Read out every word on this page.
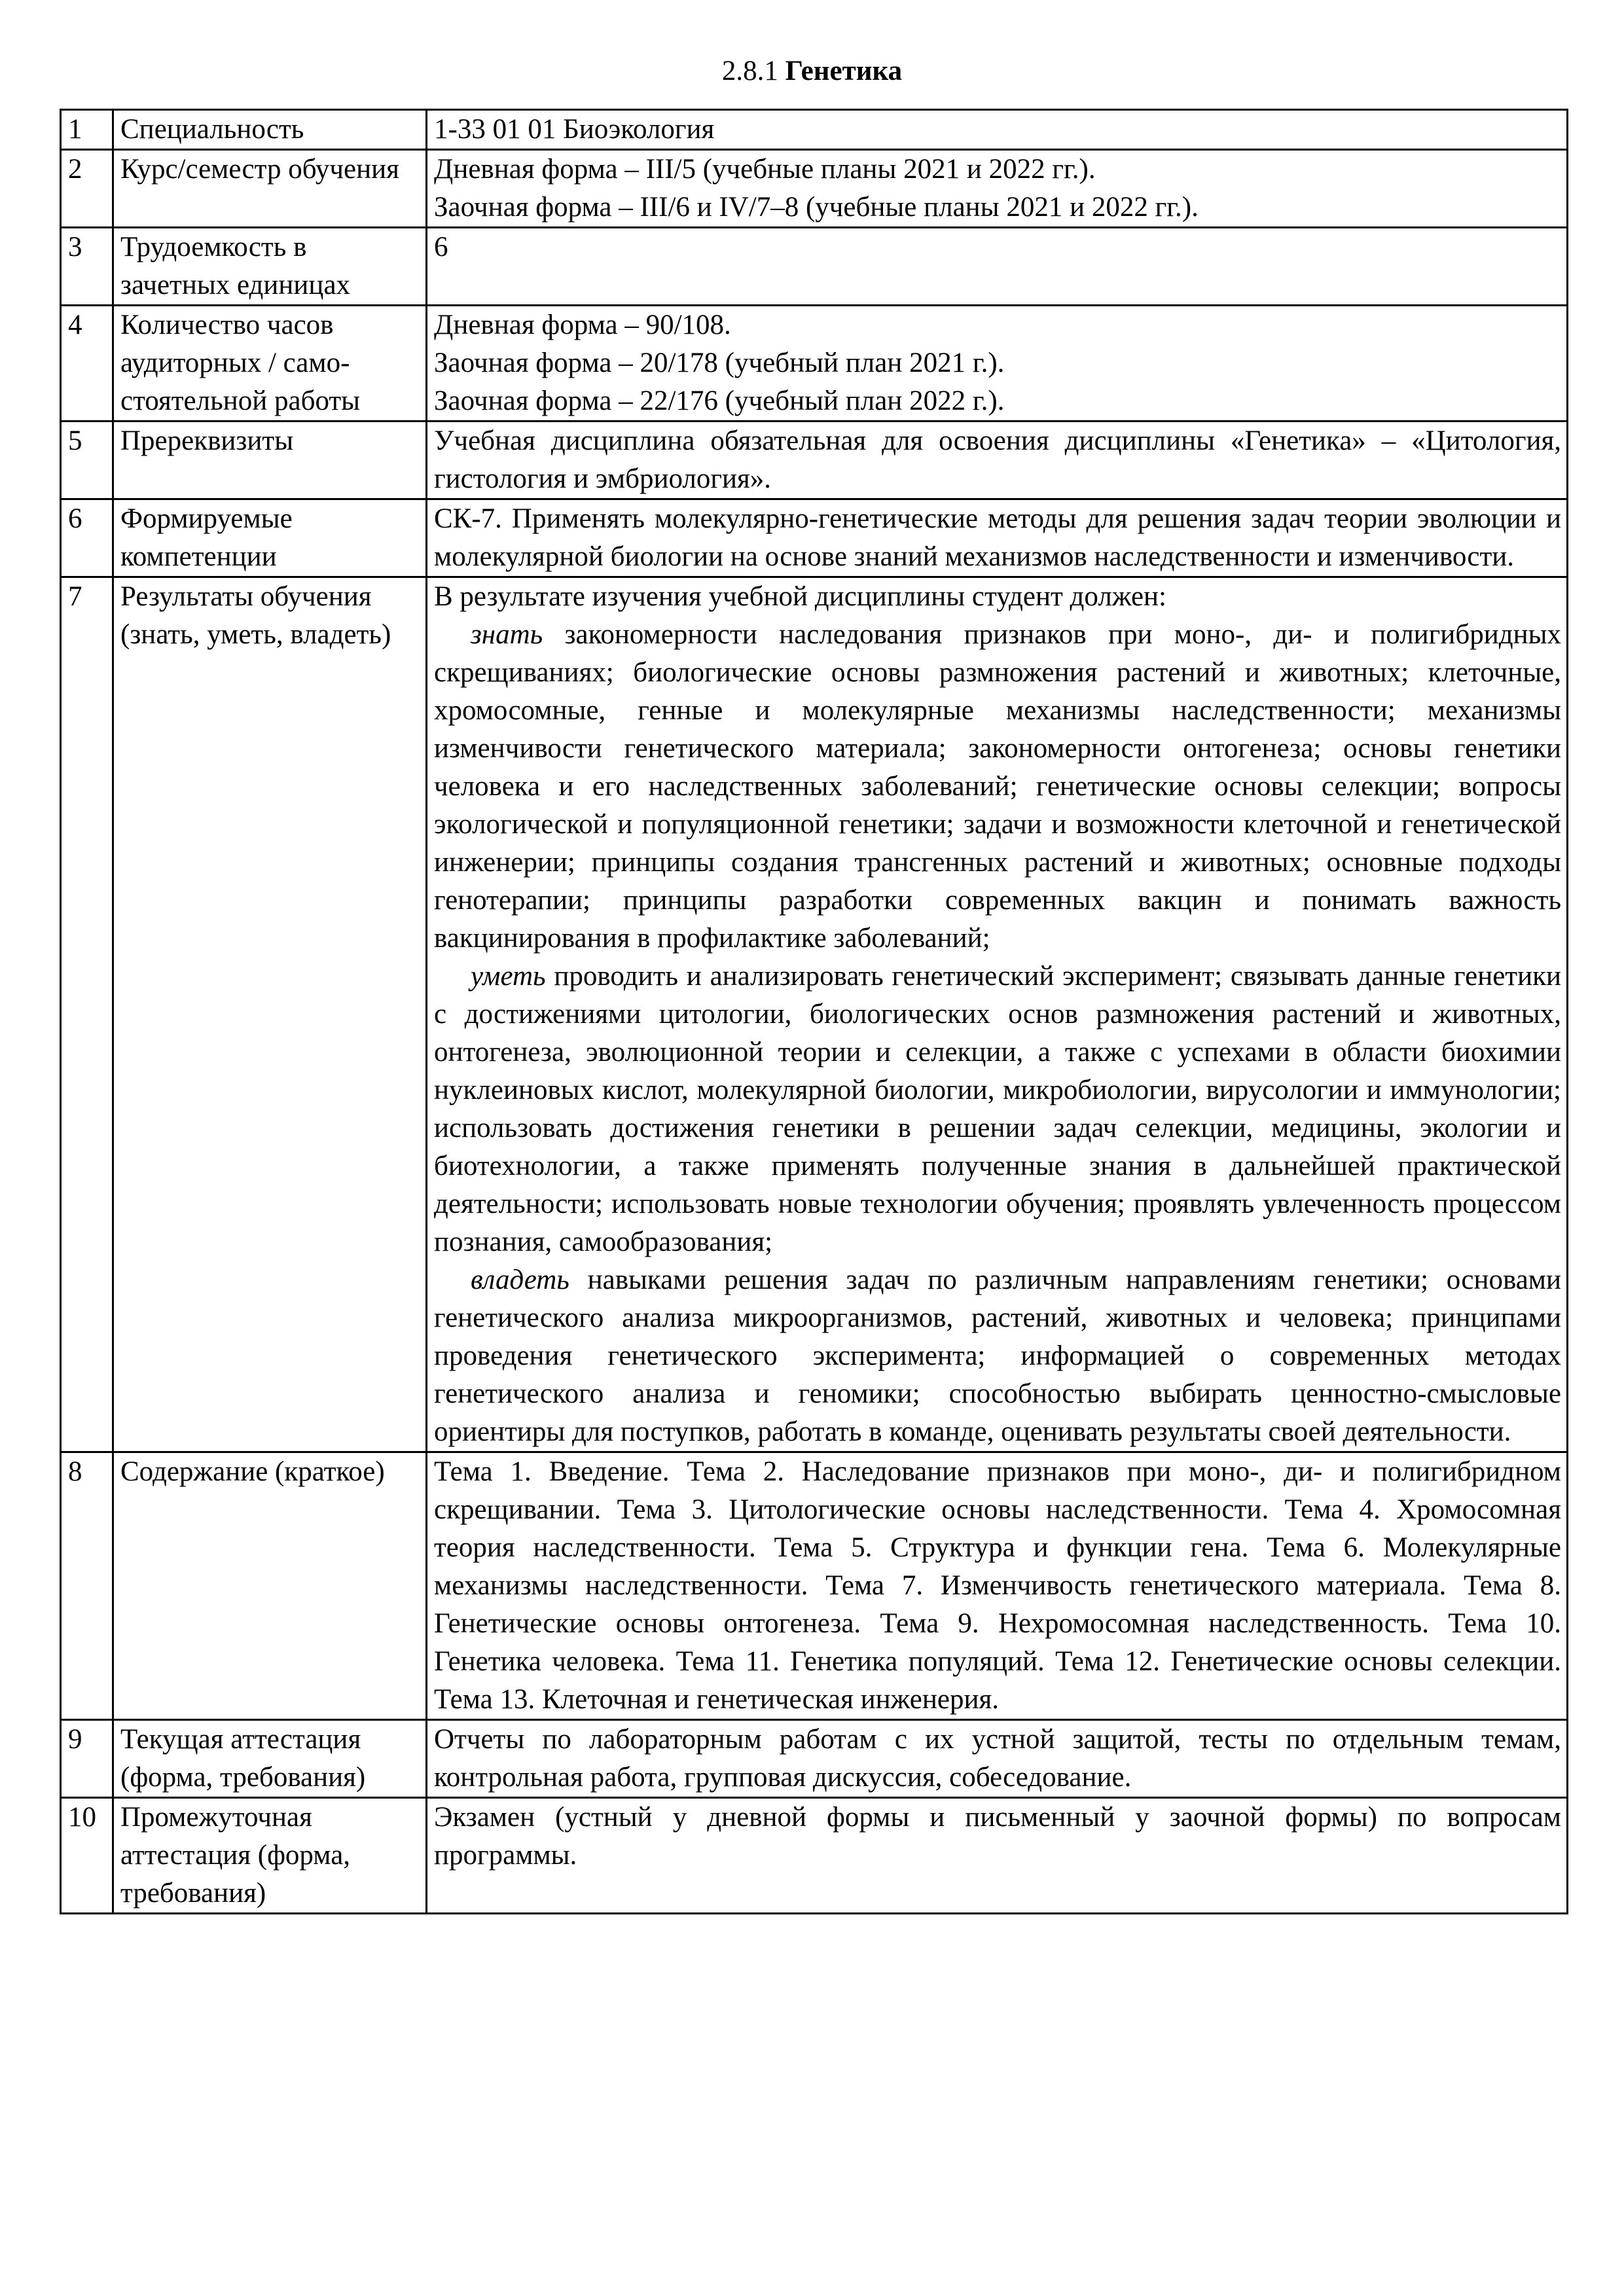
2.8.1 Генетика
1	Специальность	1-33 01 01 Биоэкология

2	Курс/семестр обучения	Дневная форма – III/5 (учебные планы 2021 и 2022 гг.).
Заочная форма – III/6 и IV/7–8 (учебные планы 2021 и 2022 гг.).

3	Трудоемкость в зачетных единицах	6

4	Количество часов аудиторных / само-стоятельной работы	Дневная форма – 90/108.
Заочная форма – 20/178 (учебный план 2021 г.).
Заочная форма – 22/176 (учебный план 2022 г.).

5	Пререквизиты	Учебная дисциплина обязательная для освоения дисциплины «Генетика» – «Цитология, гистология и эмбриология».
6	Формируемые компетенции	СК-7. Применять молекулярно-генетические методы для решения задач теории эволюции и молекулярной биологии на основе знаний механизмов наследственности и изменчивости.
7	Результаты обучения (знать, уметь, владеть)	В результате изучения учебной дисциплины студент должен:
знать закономерности наследования признаков при моно-, ди- и полигибридных скрещиваниях; биологические основы размножения растений и животных; клеточные, хромосомные, генные и молекулярные механизмы наследственности; механизмы изменчивости генетического материала; закономерности онтогенеза; основы генетики человека и его наследственных заболеваний; генетические основы селекции; вопросы экологической и популяционной генетики; задачи и возможности клеточной и генетической инженерии; принципы создания трансгенных растений и животных; основные подходы генотерапии; принципы разработки современных вакцин и понимать важность вакцинирования в профилактике заболеваний;
уметь проводить и анализировать генетический эксперимент; связывать данные генетики с достижениями цитологии, биологических основ размножения растений и животных, онтогенеза, эволюционной теории и селекции, а также с успехами в области биохимии нуклеиновых кислот, молекулярной биологии, микробиологии, вирусологии и иммунологии; использовать достижения генетики в решении задач селекции, медицины, экологии и биотехнологии, а также применять полученные знания в дальнейшей практической деятельности; использовать новые технологии обучения; проявлять увлеченность процессом познания, самообразования;
владеть навыками решения задач по различным направлениям генетики; основами генетического анализа микроорганизмов, растений, животных и человека; принципами проведения генетического эксперимента; информацией о современных методах генетического анализа и геномики; способностью выбирать ценностно-смысловые ориентиры для поступков, работать в команде, оценивать результаты своей деятельности.

8	Содержание (краткое)	Тема 1. Введение. Тема 2. Наследование признаков при моно-, ди- и полигибридном скрещивании. Тема 3. Цитологические основы наследственности. Тема 4. Хромосомная теория наследственности. Тема 5. Структура и функции гена. Тема 6. Молекулярные механизмы наследственности. Тема 7. Изменчивость генетического материала. Тема 8. Генетические основы онтогенеза. Тема 9. Нехромосомная наследственность. Тема 10. Генетика человека. Тема 11. Генетика популяций. Тема 12. Генетические основы селекции. Тема 13. Клеточная и генетическая инженерия.
9	Текущая аттестация (форма, требования)	Отчеты по лабораторным работам с их устной защитой, тесты по отдельным темам, контрольная работа, групповая дискуссия, собеседование.
10	Промежуточная аттестация (форма, требования)	Экзамен (устный у дневной формы и письменный у заочной формы) по вопросам программы.
